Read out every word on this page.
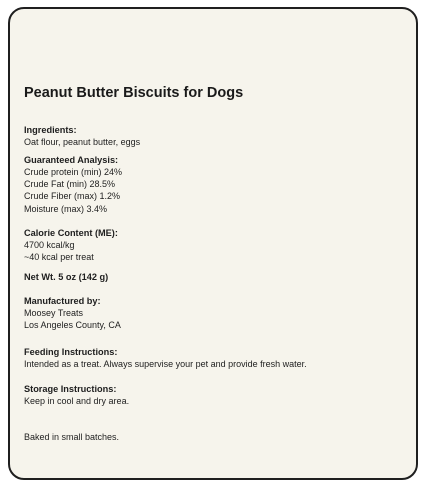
Peanut Butter Biscuits for Dogs
Ingredients:
Oat flour, peanut butter, eggs
Guaranteed Analysis:
Crude protein (min) 24%
Crude Fat (min) 28.5%
Crude Fiber (max) 1.2%
Moisture (max) 3.4%
Calorie Content (ME):
4700 kcal/kg
~40 kcal per treat
Net Wt. 5 oz (142 g)
Manufactured by:
Moosey Treats
Los Angeles County, CA
Feeding Instructions:
Intended as a treat. Always supervise your pet and provide fresh water.
Storage Instructions:
Keep in cool and dry area.
Baked in small batches.
